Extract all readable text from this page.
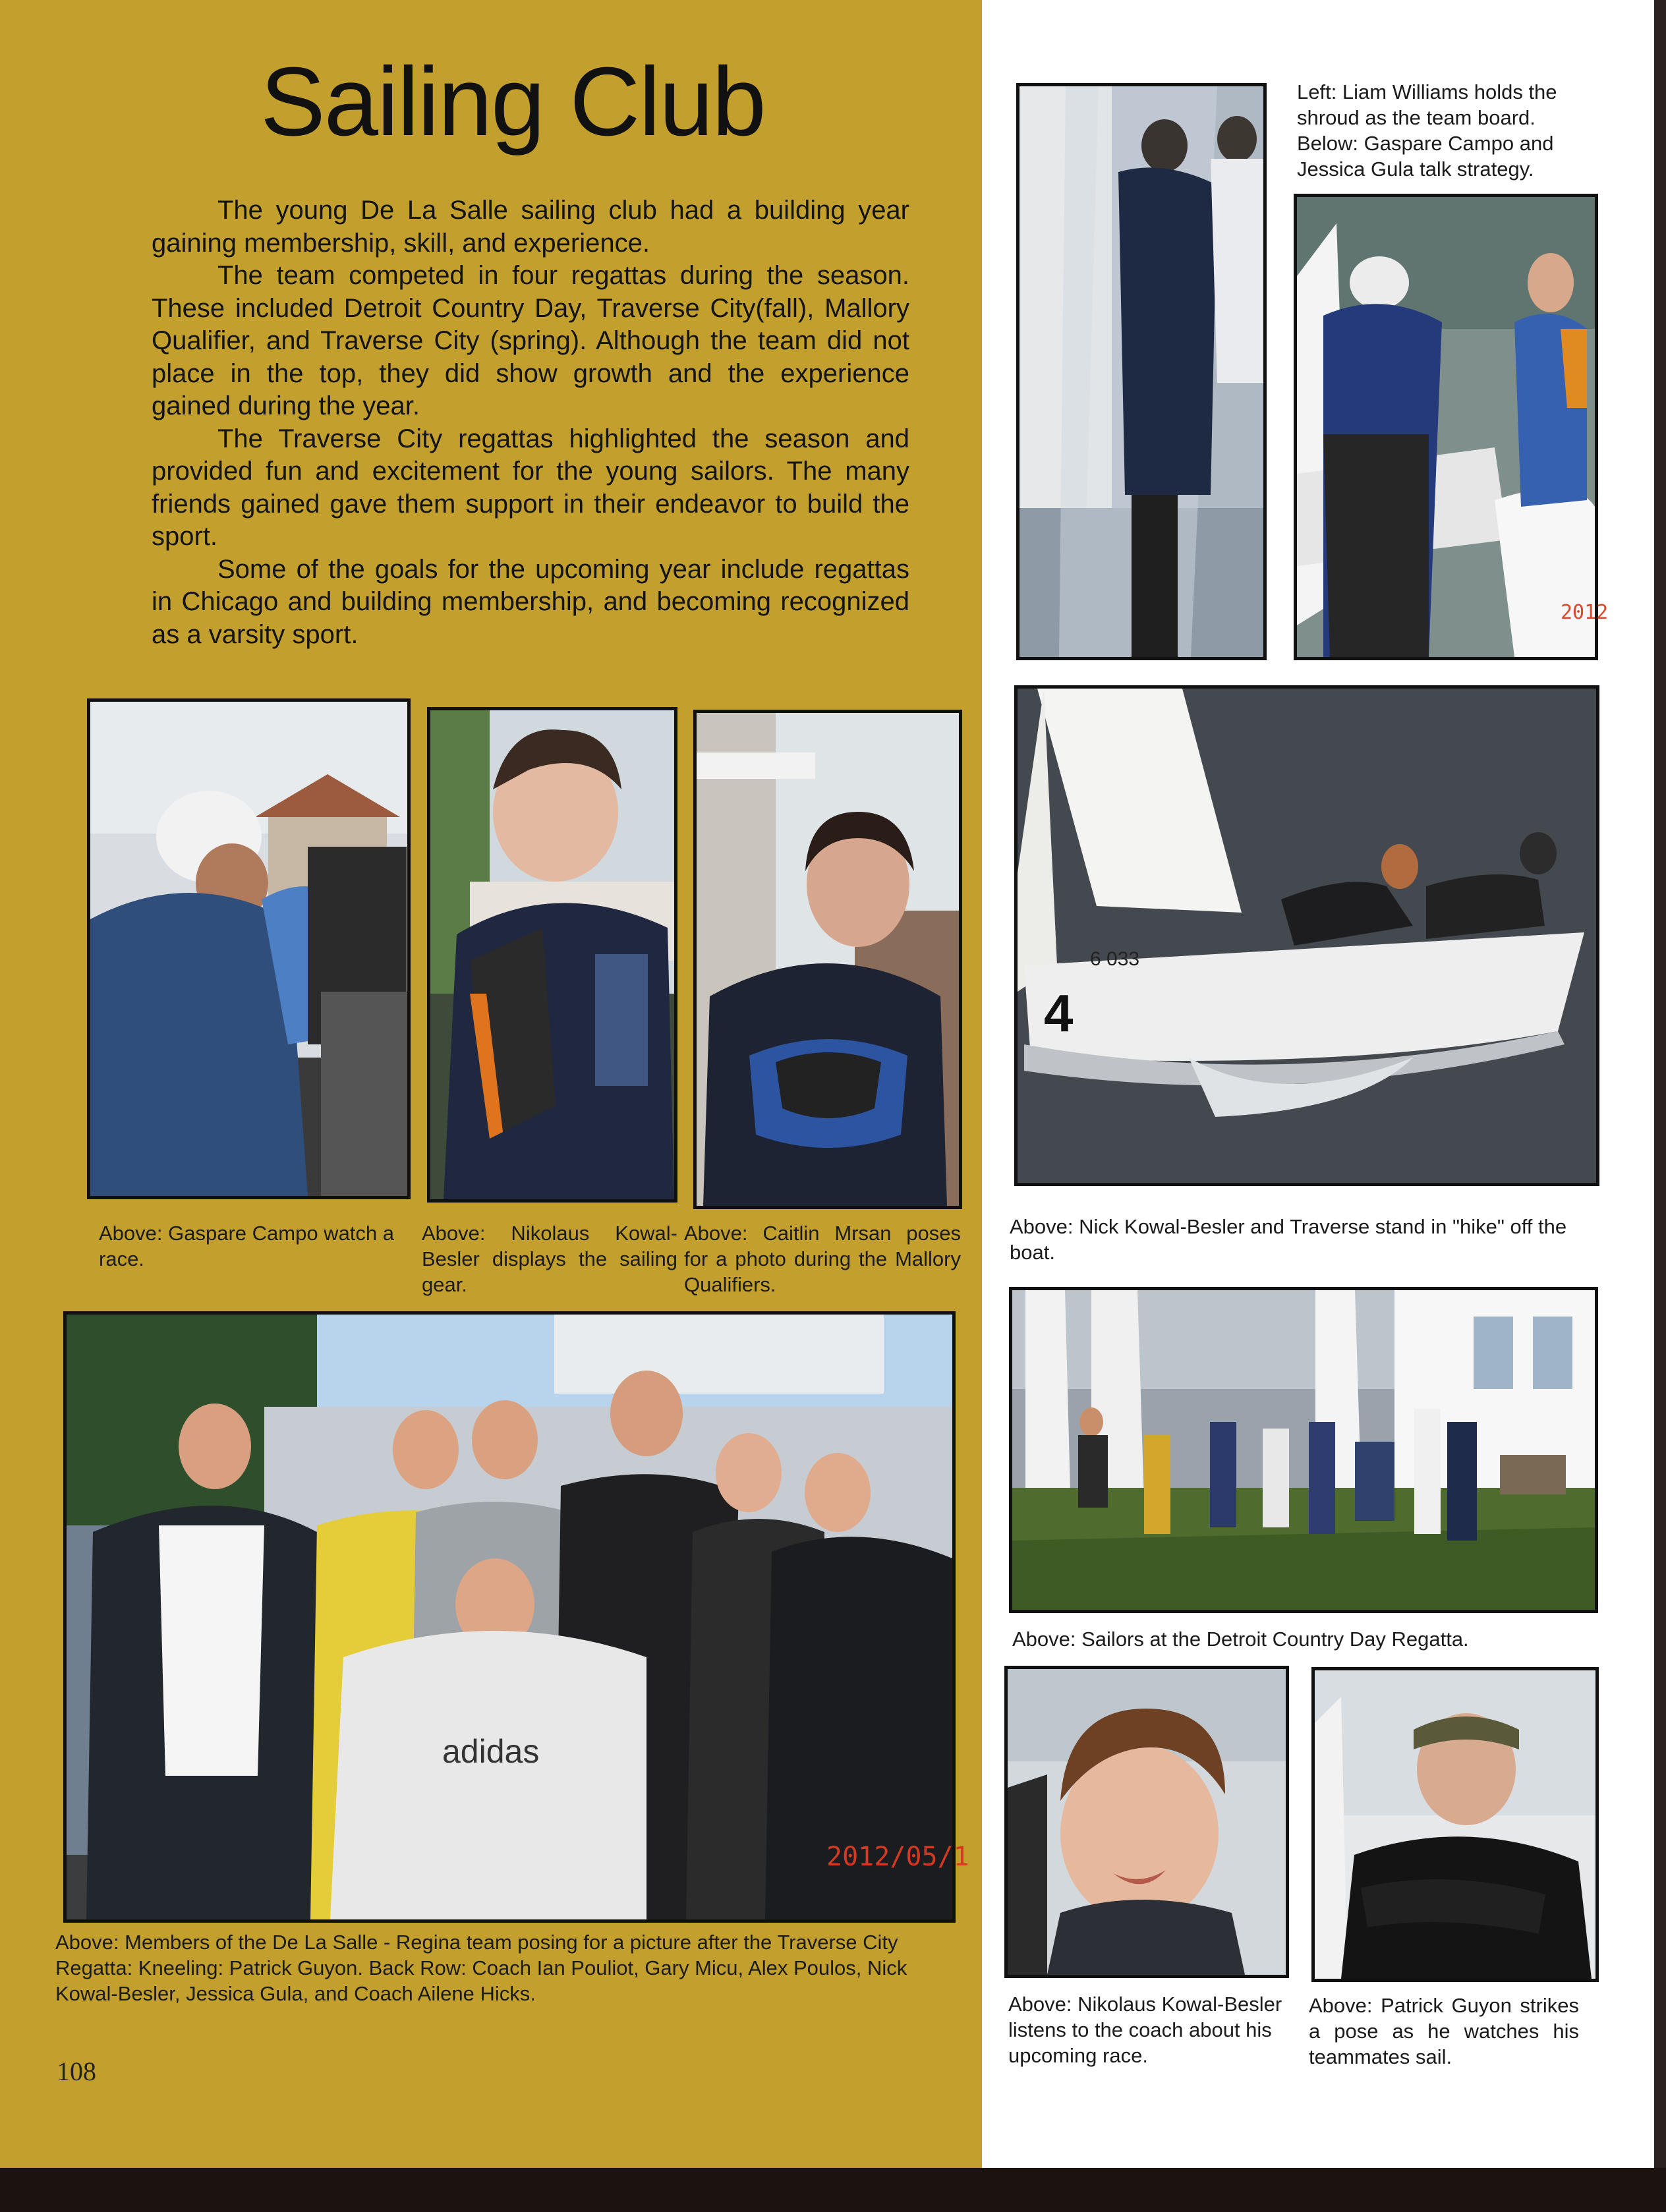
Sailing Club

The young De La Salle sailing club had a building year gaining membership, skill, and experience.

The team competed in four regattas during the season. These included Detroit Country Day, Traverse City(fall), Mallory Qualifier, and Traverse City (spring). Although the team did not place in the top, they did show growth and the experience gained during the year.

The Traverse City regattas highlighted the season and provided fun and excitement for the young sailors. The many friends gained gave them support in their endeavor to build the sport.

Some of the goals for the upcoming year include regattas in Chicago and building membership, and becoming recognized as a varsity sport.

Above: Gaspare Campo watch a race.
Above: Nikolaus Kowal-Besler displays the sailing gear.
Above: Caitlin Mrsan poses for a photo during the Mallory Qualifiers.
adidas
2012/05/1
Above: Members of the De La Salle - Regina team posing for a picture after the Traverse City Regatta: Kneeling: Patrick Guyon. Back Row: Coach Ian Pouliot, Gary Micu, Alex Poulos, Nick Kowal-Besler, Jessica Gula, and Coach Ailene Hicks.
Left: Liam Williams holds the shroud as the team board. Below: Gaspare Campo and Jessica Gula talk strategy.
2012
4
6 033
Above: Nick Kowal-Besler and Traverse stand in "hike" off the boat.
Above: Sailors at the Detroit Country Day Regatta.
Above: Nikolaus Kowal-Besler listens to the coach about his upcoming race.
Above: Patrick Guyon strikes a pose as he watches his teammates sail.
108
